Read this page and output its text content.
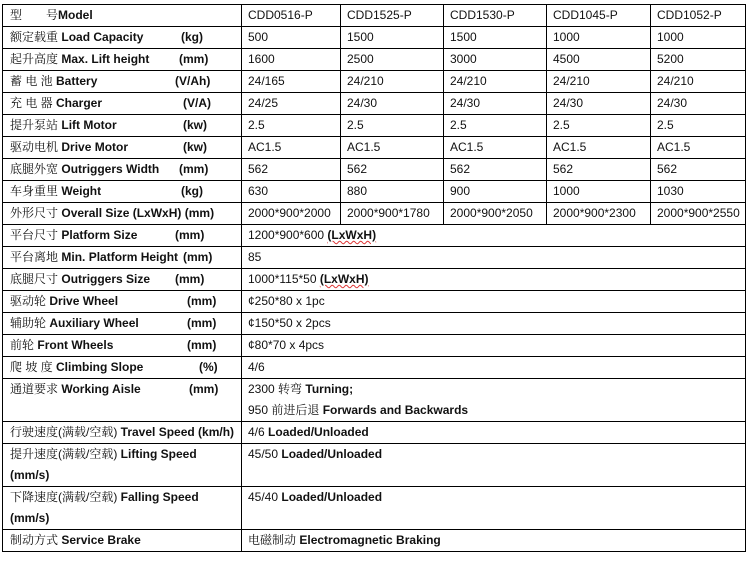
型　　号Model	CDD0516-P	CDD1525-P	CDD1530-P	CDD1045-P	CDD1052-P
额定载重 Load Capacity (kg)	500	1500	1500	1000	1000
起升高度 Max. Lift height (mm)	1600	2500	3000	4500	5200
蓄 电 池 Battery (V/Ah)	24/165	24/210	24/210	24/210	24/210
充 电 器 Charger (V/A)	24/25	24/30	24/30	24/30	24/30
提升泵站 Lift Motor (kw)	2.5	2.5	2.5	2.5	2.5
驱动电机 Drive Motor (kw)	AC1.5	AC1.5	AC1.5	AC1.5	AC1.5
底腿外宽 Outriggers Width (mm)	562	562	562	562	562
车身重里 Weight (kg)	630	880	900	1000	1030
外形尺寸 Overall Size (LxWxH) (mm)	2000*900*2000	2000*900*1780	2000*900*2050	2000*900*2300	2000*900*2550
平台尺寸 Platform Size (mm)	1200*900*600 (LxWxH)				
平台离地 Min. Platform Height (mm)	85				
底腿尺寸 Outriggers Size (mm)	1000*115*50 (LxWxH)				
驱动轮 Drive Wheel (mm)	¢250*80 x 1pc				
辅助轮 Auxiliary Wheel (mm)	¢150*50 x 2pcs				
前轮 Front Wheels (mm)	¢80*70 x 4pcs				
爬 坡 度 Climbing Slope (%)	4/6				
通道要求 Working Aisle (mm)	2300 转弯 Turning;
950 前进后退 Forwards and Backwards				
行驶速度(满载/空载) Travel Speed (km/h)	4/6 Loaded/Unloaded				
提升速度(满载/空载) Lifting Speed
(mm/s)	45/50 Loaded/Unloaded				
下降速度(满载/空载) Falling Speed
(mm/s)	45/40 Loaded/Unloaded				
制动方式 Service Brake	电磁制动 Electromagnetic Braking				
